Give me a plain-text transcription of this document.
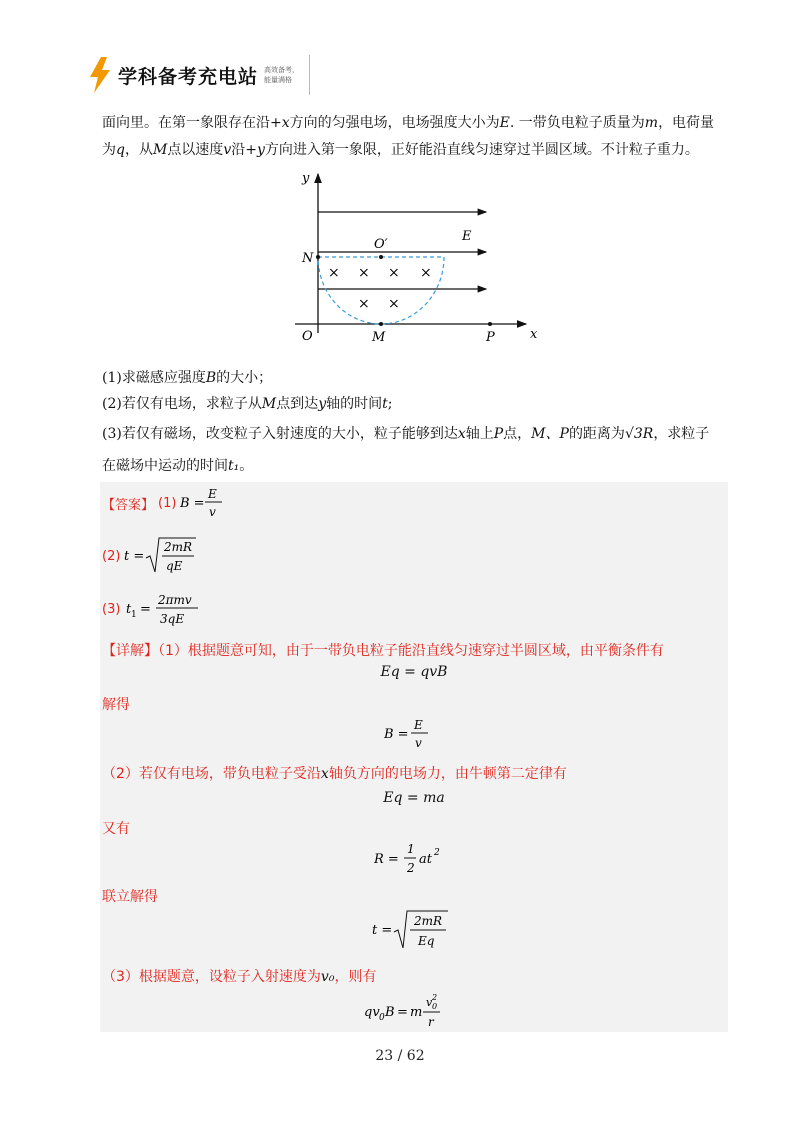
学科备考充电站 高效备考，
能量满格
面向里。在第一象限存在沿+x方向的匀强电场，电场强度大小为E. 一带负电粒子质量为m，电荷量
为q，从M点以速度v沿+y方向进入第一象限，正好能沿直线匀速穿过半圆区域。不计粒子重力。
× × × ×
× ×
y
x
O
N
O′
M	P
E
(1)求磁感应强度B的大小；
(2)若仅有电场，求粒子从M点到达y轴的时间t;
(3)若仅有磁场，改变粒子入射速度的大小，粒子能够到达x轴上P点，M、P的距离为√3R，求粒子
在磁场中运动的时间t₁。
【答案】 (1) B =
E
v
(2) t =
2mR
qE
(3) t 1 =
2πmv
3qE
【详解】（1）根据题意可知，由于一带负电粒子能沿直线匀速穿过半圆区域，由平衡条件有
Eq = qvB
解得
B =
E
v
（2）若仅有电场，带负电粒子受沿x轴负方向的电场力，由牛顿第二定律有
Eq = ma
又有
R =
1
2
at 2
联立解得
t =
2mR
Eq
（3）根据题意，设粒子入射速度为v₀，则有
qv 0 B = m
v 0
2
r
23 / 62
